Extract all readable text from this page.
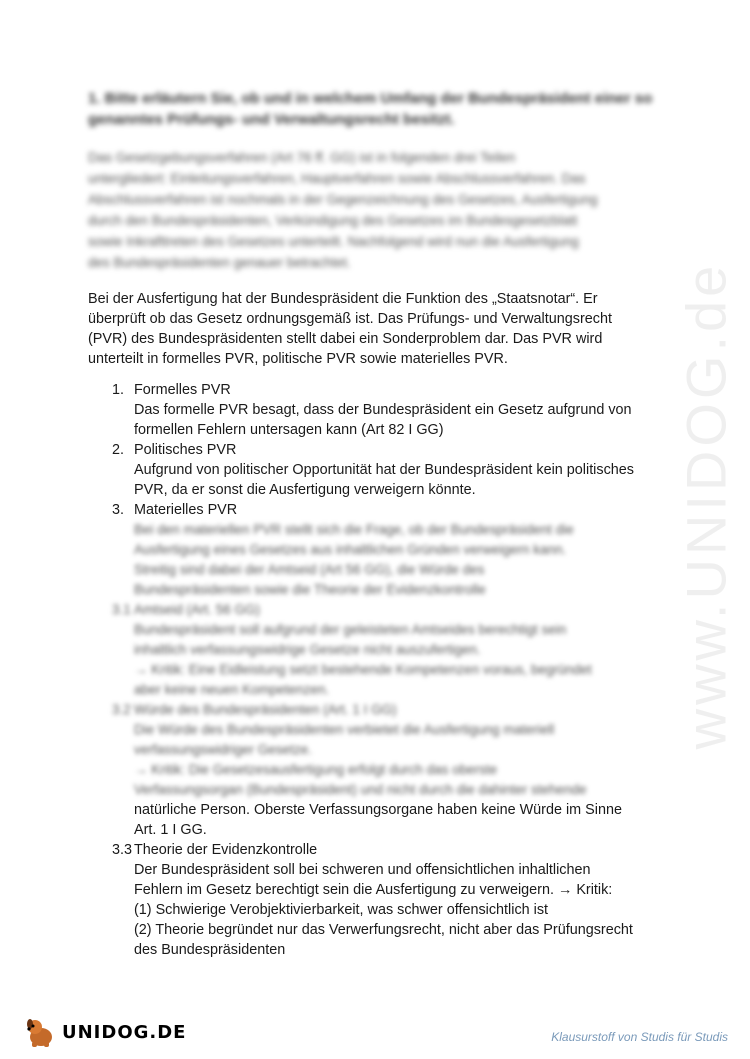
www.UNIDOG.de
1. Bitte erläutern Sie, ob und in welchem Umfang der Bundespräsident einer so genanntes Prüfungs- und Verwaltungsrecht besitzt.
Das Gesetzgebungsverfahren (Art 76 ff. GG) ist in folgenden drei Teilen
untergliedert: Einleitungsverfahren, Hauptverfahren sowie Abschlussverfahren. Das
Abschlussverfahren ist nochmals in der Gegenzeichnung des Gesetzes, Ausfertigung
durch den Bundespräsidenten, Verkündigung des Gesetzes im Bundesgesetzblatt
sowie Inkrafttreten des Gesetzes unterteilt. Nachfolgend wird nun die Ausfertigung
des Bundespräsidenten genauer betrachtet.
Bei der Ausfertigung hat der Bundespräsident die Funktion des „Staatsnotar“. Er
überprüft ob das Gesetz ordnungsgemäß ist. Das Prüfungs- und Verwaltungsrecht
(PVR) des Bundespräsidenten stellt dabei ein Sonderproblem dar. Das PVR wird
unterteilt in formelles PVR, politische PVR sowie materielles PVR.
1. Formelles PVR
Das formelle PVR besagt, dass der Bundespräsident ein Gesetz aufgrund von
formellen Fehlern untersagen kann (Art 82 I GG)
2. Politisches PVR
Aufgrund von politischer Opportunität hat der Bundespräsident kein politisches
PVR, da er sonst die Ausfertigung verweigern könnte.
3. Materielles PVR
Bei den materiellen PVR stellt sich die Frage, ob der Bundespräsident die
Ausfertigung eines Gesetzes aus inhaltlichen Gründen verweigern kann.
Streitig sind dabei der Amtseid (Art 56 GG), die Würde des
Bundespräsidenten sowie die Theorie der Evidenzkontrolle
3.1 Amtseid (Art. 56 GG)
Bundespräsident soll aufgrund der geleisteten Amtseides berechtigt sein
inhaltlich verfassungswidrige Gesetze nicht auszufertigen.
→ Kritik: Eine Eidleistung setzt bestehende Kompetenzen voraus, begründet
aber keine neuen Kompetenzen.
3.2 Würde des Bundespräsidenten (Art. 1 I GG)
Die Würde des Bundespräsidenten verbietet die Ausfertigung materiell
verfassungswidriger Gesetze.
→ Kritik: Die Gesetzesausfertigung erfolgt durch das oberste
Verfassungsorgan (Bundespräsident) und nicht durch die dahinter stehende
natürliche Person. Oberste Verfassungsorgane haben keine Würde im Sinne
Art. 1 I GG.
3.3 Theorie der Evidenzkontrolle
Der Bundespräsident soll bei schweren und offensichtlichen inhaltlichen
Fehlern im Gesetz berechtigt sein die Ausfertigung zu verweigern. → Kritik:
(1) Schwierige Verobjektivierbarkeit, was schwer offensichtlich ist
(2) Theorie begründet nur das Verwerfungsrecht, nicht aber das Prüfungsrecht
des Bundespräsidenten
UNIDOG.DE	Klausurstoff von Studis für Studis
